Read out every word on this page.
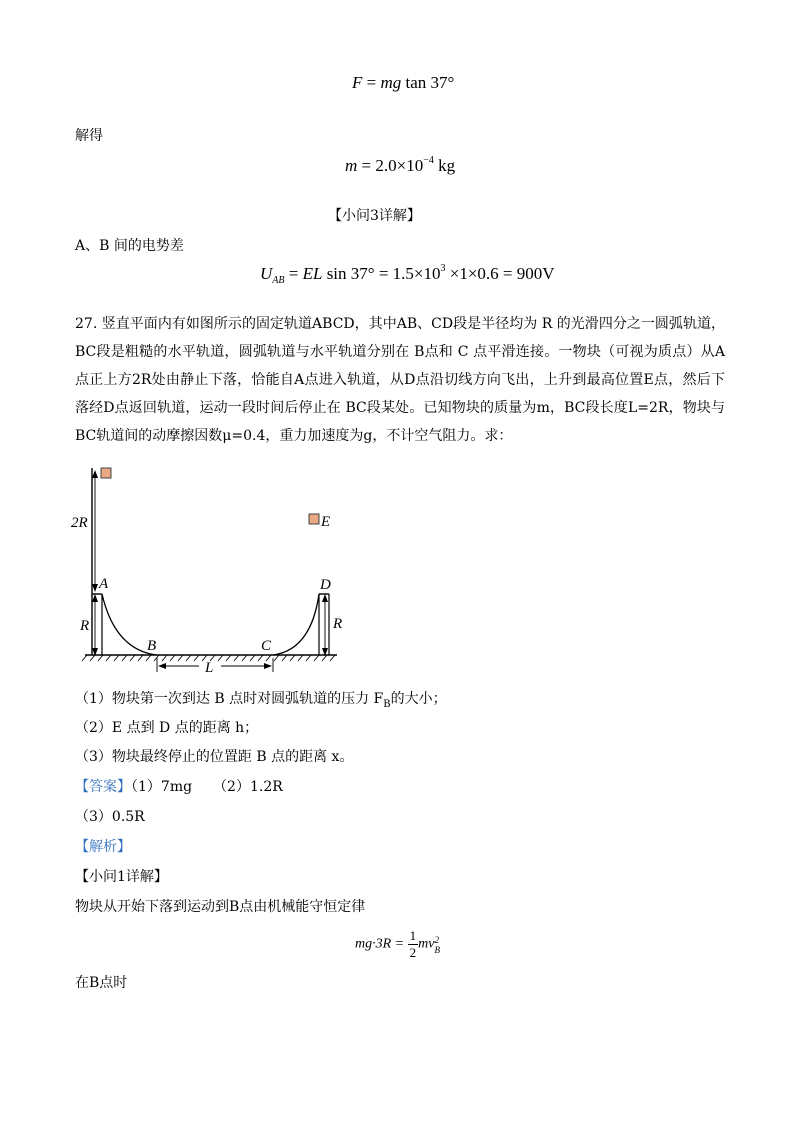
F = mg tan 37°
解得
$m = 2.0\times 10^{-4}$ kg
【小问3详解】
A、B 间的电势差
$U_{AB}$ = EL $\sin 37^\circ = 1.5\times 10^3 \times 1\times 0.6 = 900V$
27. 竖直平面内有如图所示的固定轨道ABCD，其中AB、CD段是半径均为 R 的光滑四分之一圆弧轨道，BC段是粗糙的水平轨道，圆弧轨道与水平轨道分别在 B点和 C 点平滑连接。一物块（可视为质点）从A点正上方2R处由静止下落，恰能自A点进入轨道，从D点沿切线方向飞出，上升到最高位置E点，然后下落经D点返回轨道，运动一段时间后停止在 BC段某处。已知物块的质量为m，BC段长度L=2R，物块与BC轨道间的动摩擦因数μ=0.4，重力加速度为g，不计空气阻力。求：
2R
R
A
B	C
D
R
E
L
（1）物块第一次到达 B 点时对圆弧轨道的压力 $F_B$的大小；
（2）E 点到 D 点的距离 h；
（3）物块最终停止的位置距 B 点的距离 x。
【答案】（1）7mg　　（2）1.2R
（3）0.5R
【解析】
【小问1详解】
物块从开始下落到运动到B点由机械能守恒定律
$mg\cdot 3R = \frac{1}{2}$ mv 2
B
在B点时
